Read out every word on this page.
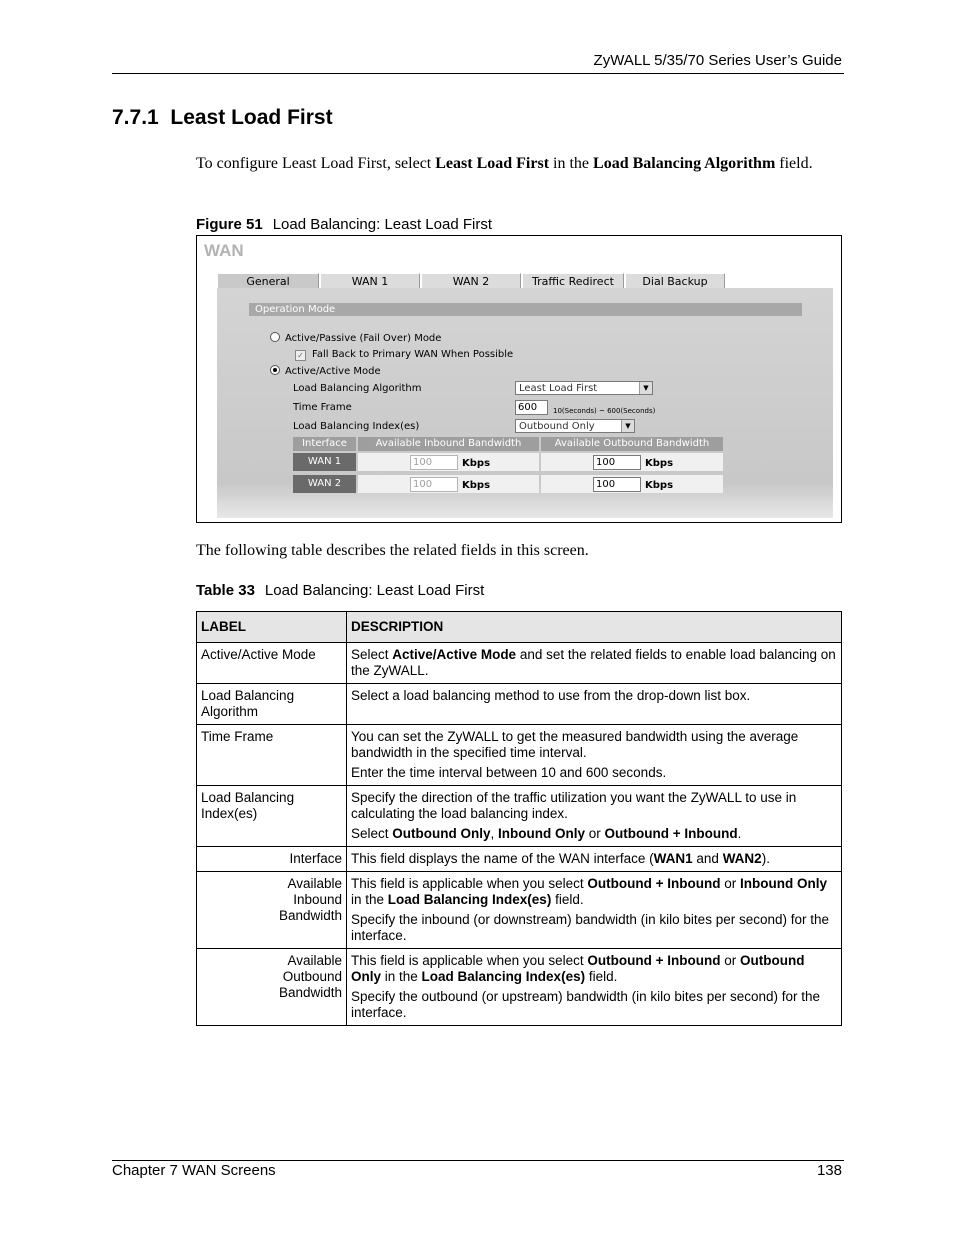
ZyWALL 5/35/70 Series User’s Guide
7.7.1  Least Load First
To configure Least Load First, select Least Load First in the Load Balancing Algorithm field.
Figure 51 Load Balancing: Least Load First
WAN
General	WAN 1	WAN 2	Traffic Redirect	Dial Backup
Operation Mode
Active/Passive (Fail Over) Mode
✓ Fall Back to Primary WAN When Possible
Active/Active Mode
Load Balancing Algorithm	Least Load First	▼
Time Frame	600	10(Seconds) ~ 600(Seconds)
Load Balancing Index(es)	Outbound Only	▼
Interface	Available Inbound Bandwidth	Available Outbound Bandwidth
WAN 1	100	Kbps	100	Kbps
WAN 2	100	Kbps	100	Kbps
The following table describes the related fields in this screen.
Table 33 Load Balancing: Least Load First
LABEL	DESCRIPTION
Active/Active Mode	Select Active/Active Mode and set the related fields to enable load balancing on the ZyWALL.
Load Balancing Algorithm	Select a load balancing method to use from the drop-down list box.
Time Frame	You can set the ZyWALL to get the measured bandwidth using the average bandwidth in the specified time interval.

Enter the time interval between 10 and 600 seconds.

Load Balancing Index(es)	Specify the direction of the traffic utilization you want the ZyWALL to use in calculating the load balancing index.

Select Outbound Only, Inbound Only or Outbound + Inbound.

Interface	This field displays the name of the WAN interface (WAN1 and WAN2).
Available Inbound Bandwidth	This field is applicable when you select Outbound + Inbound or Inbound Only in the Load Balancing Index(es) field.

Specify the inbound (or downstream) bandwidth (in kilo bites per second) for the interface.

Available Outbound Bandwidth	This field is applicable when you select Outbound + Inbound or Outbound Only in the Load Balancing Index(es) field.

Specify the outbound (or upstream) bandwidth (in kilo bites per second) for the interface.

Chapter 7 WAN Screens	138
